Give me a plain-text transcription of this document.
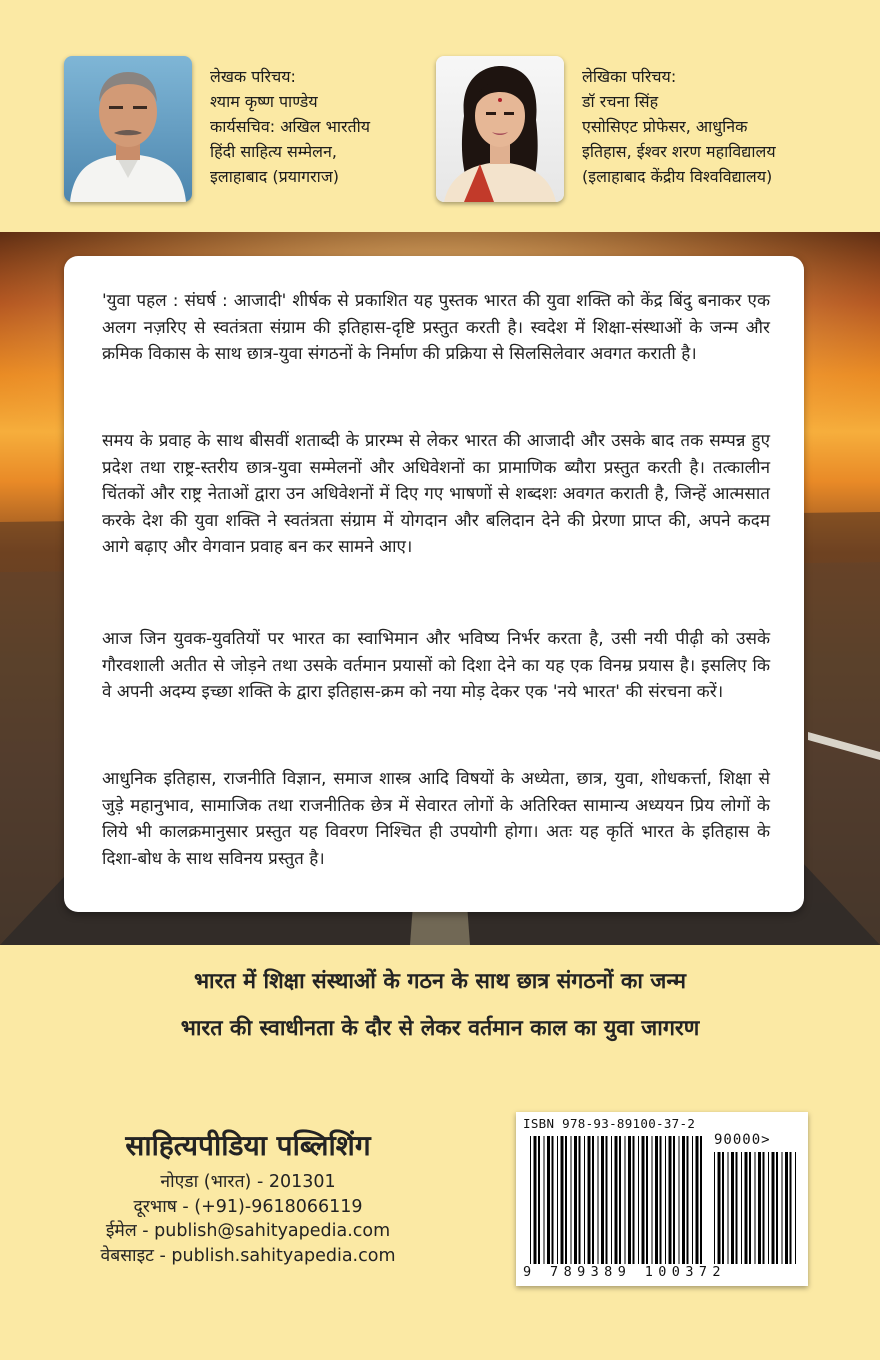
लेखक परिचय:
श्याम कृष्ण पाण्डेय
कार्यसचिव: अखिल भारतीय
हिंदी साहित्य सम्मेलन,
इलाहाबाद (प्रयागराज)
लेखिका परिचय:
डॉ रचना सिंह
एसोसिएट प्रोफेसर, आधुनिक
इतिहास, ईश्वर शरण महाविद्यालय
(इलाहाबाद केंद्रीय विश्वविद्यालय)
'युवा पहल : संघर्ष : आजादी' शीर्षक से प्रकाशित यह पुस्तक भारत की युवा शक्ति को केंद्र बिंदु बनाकर एक अलग नज़रिए से स्वतंत्रता संग्राम की इतिहास-दृष्टि प्रस्तुत करती है। स्वदेश में शिक्षा-संस्थाओं के जन्म और क्रमिक विकास के साथ छात्र-युवा संगठनों के निर्माण की प्रक्रिया से सिलसिलेवार अवगत कराती है।
समय के प्रवाह के साथ बीसवीं शताब्दी के प्रारम्भ से लेकर भारत की आजादी और उसके बाद तक सम्पन्न हुए प्रदेश तथा राष्ट्र-स्तरीय छात्र-युवा सम्मेलनों और अधिवेशनों का प्रामाणिक ब्यौरा प्रस्तुत करती है। तत्कालीन चिंतकों और राष्ट्र नेताओं द्वारा उन अधिवेशनों में दिए गए भाषणों से शब्दशः अवगत कराती है, जिन्हें आत्मसात करके देश की युवा शक्ति ने स्वतंत्रता संग्राम में योगदान और बलिदान देने की प्रेरणा प्राप्त की, अपने कदम आगे बढ़ाए और वेगवान प्रवाह बन कर सामने आए।
आज जिन युवक-युवतियों पर भारत का स्वाभिमान और भविष्य निर्भर करता है, उसी नयी पीढ़ी को उसके गौरवशाली अतीत से जोड़ने तथा उसके वर्तमान प्रयासों को दिशा देने का यह एक विनम्र प्रयास है। इसलिए कि वे अपनी अदम्य इच्छा शक्ति के द्वारा इतिहास-क्रम को नया मोड़ देकर एक 'नये भारत' की संरचना करें।
आधुनिक इतिहास, राजनीति विज्ञान, समाज शास्त्र आदि विषयों के अध्येता, छात्र, युवा, शोधकर्त्ता, शिक्षा से जुड़े महानुभाव, सामाजिक तथा राजनीतिक छेत्र में सेवारत लोगों के अतिरिक्त सामान्य अध्ययन प्रिय लोगों के लिये भी कालक्रमानुसार प्रस्तुत यह विवरण निश्चित ही उपयोगी होगा। अतः यह कृतिं भारत के इतिहास के दिशा-बोध के साथ सविनय प्रस्तुत है।
भारत में शिक्षा संस्थाओं के गठन के साथ छात्र संगठनों का जन्म
भारत की स्वाधीनता के दौर से लेकर वर्तमान काल का युवा जागरण
साहित्यपीडिया पब्लिशिंग
नोएडा (भारत) - 201301
दूरभाष - (+91)-9618066119
ईमेल - publish@sahityapedia.com
वेबसाइट - publish.sahityapedia.com
ISBN 978-93-89100-37-2
90000>
9 789389 100372
